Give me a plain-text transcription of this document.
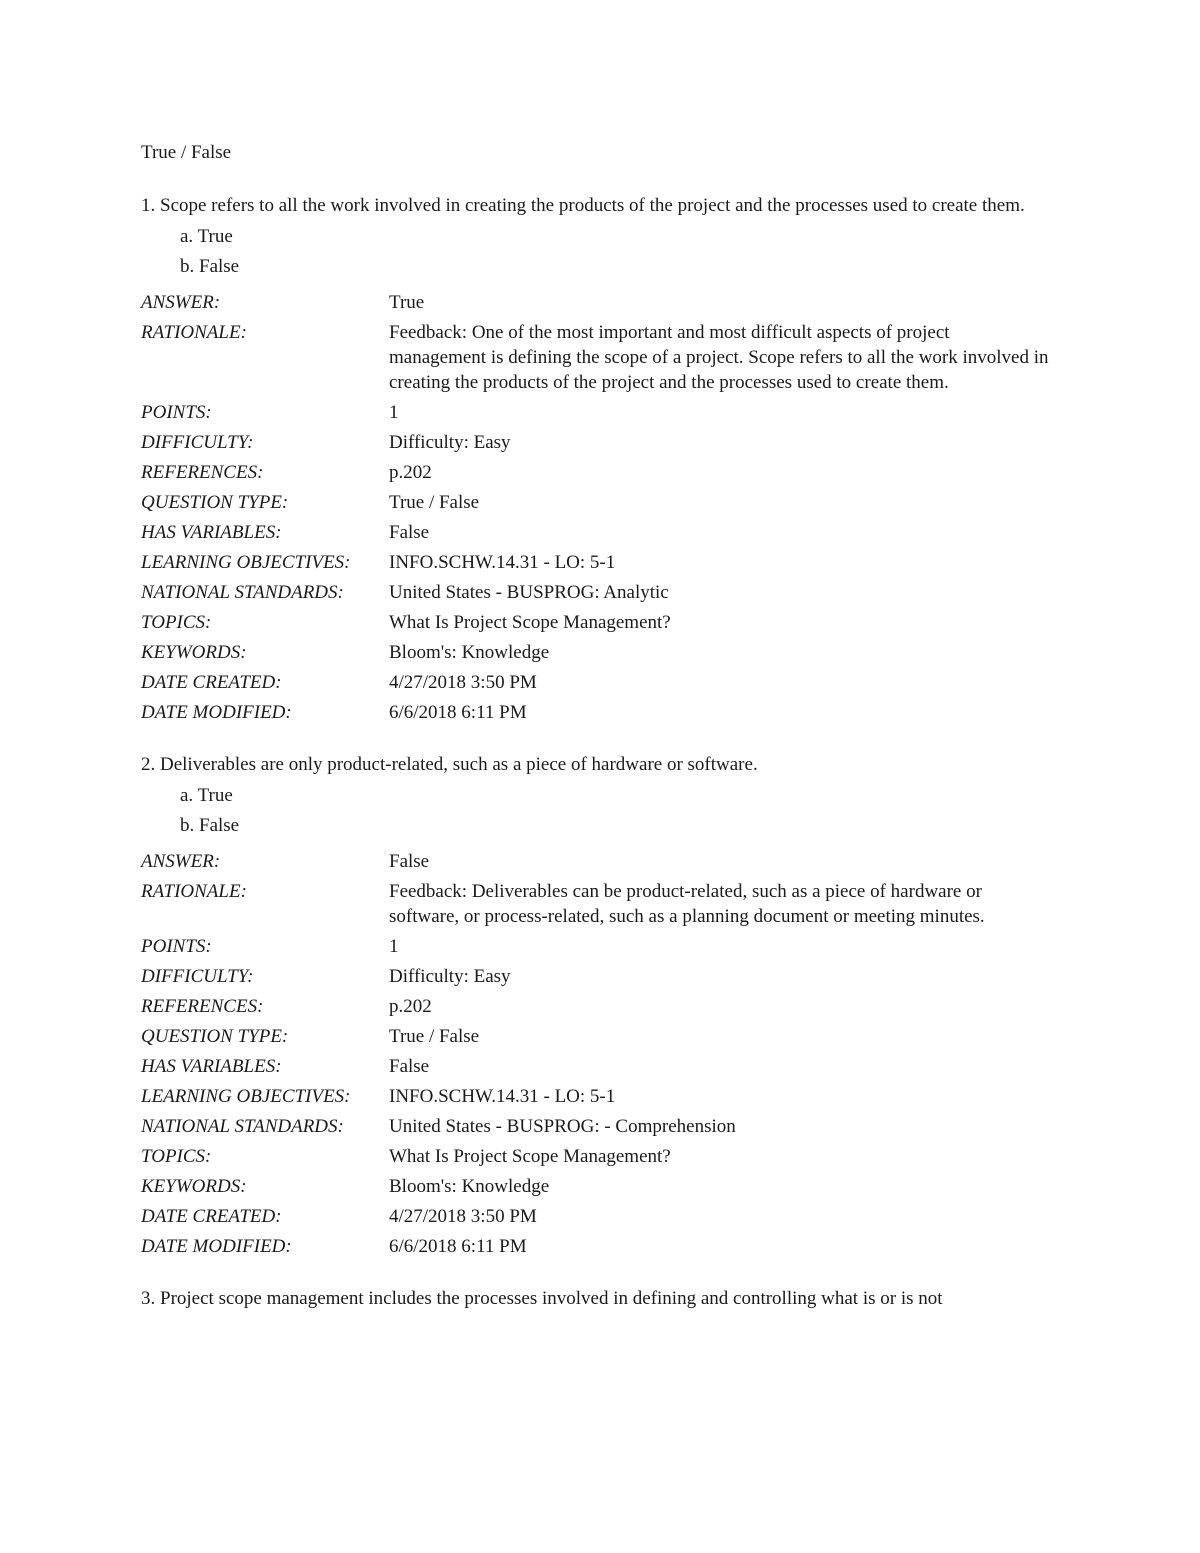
True / False
1. Scope refers to all the work involved in creating the products of the project and the processes used to create them.
a. True
b. False
ANSWER:	True
RATIONALE:	Feedback: One of the most important and most difficult aspects of project management is defining the scope of a project. Scope refers to all the work involved in creating the products of the project and the processes used to create them.
POINTS:	1
DIFFICULTY:	Difficulty: Easy
REFERENCES:	p.202
QUESTION TYPE:	True / False
HAS VARIABLES:	False
LEARNING OBJECTIVES:	INFO.SCHW.14.31 - LO: 5-1
NATIONAL STANDARDS:	United States - BUSPROG: Analytic
TOPICS:	What Is Project Scope Management?
KEYWORDS:	Bloom's: Knowledge
DATE CREATED:	4/27/2018 3:50 PM
DATE MODIFIED:	6/6/2018 6:11 PM
2. Deliverables are only product-related, such as a piece of hardware or software.
a. True
b. False
ANSWER:	False
RATIONALE:	Feedback: Deliverables can be product-related, such as a piece of hardware or software, or process-related, such as a planning document or meeting minutes.
POINTS:	1
DIFFICULTY:	Difficulty: Easy
REFERENCES:	p.202
QUESTION TYPE:	True / False
HAS VARIABLES:	False
LEARNING OBJECTIVES:	INFO.SCHW.14.31 - LO: 5-1
NATIONAL STANDARDS:	United States - BUSPROG: - Comprehension
TOPICS:	What Is Project Scope Management?
KEYWORDS:	Bloom's: Knowledge
DATE CREATED:	4/27/2018 3:50 PM
DATE MODIFIED:	6/6/2018 6:11 PM
3. Project scope management includes the processes involved in defining and controlling what is or is not
